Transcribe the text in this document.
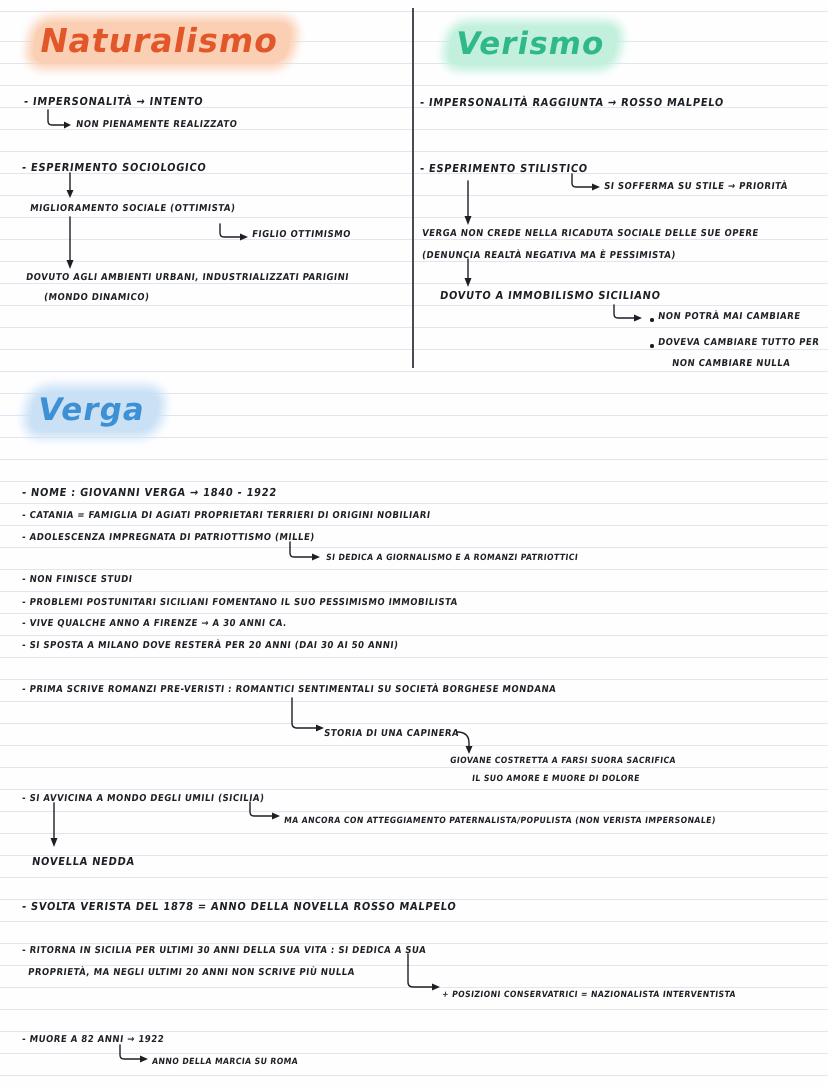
Naturalismo
- IMPERSONALITÀ → INTENTO
NON PIENAMENTE REALIZZATO
- ESPERIMENTO SOCIOLOGICO
MIGLIORAMENTO SOCIALE (OTTIMISTA)
FIGLIO OTTIMISMO
DOVUTO AGLI AMBIENTI URBANI, INDUSTRIALIZZATI PARIGINI
(MONDO DINAMICO)
Verismo
- IMPERSONALITÀ RAGGIUNTA → ROSSO MALPELO
- ESPERIMENTO STILISTICO
SI SOFFERMA SU STILE → PRIORITÀ
VERGA NON CREDE NELLA RICADUTA SOCIALE DELLE SUE OPERE
(DENUNCIA REALTÀ NEGATIVA MA È PESSIMISTA)
DOVUTO A IMMOBILISMO SICILIANO
NON POTRÀ MAI CAMBIARE
DOVEVA CAMBIARE TUTTO PER
NON CAMBIARE NULLA
Verga
- NOME : GIOVANNI VERGA → 1840 - 1922
- CATANIA = FAMIGLIA DI AGIATI PROPRIETARI TERRIERI DI ORIGINI NOBILIARI
- ADOLESCENZA IMPREGNATA DI PATRIOTTISMO (MILLE)
SI DEDICA A GIORNALISMO E A ROMANZI PATRIOTTICI
- NON FINISCE STUDI
- PROBLEMI POSTUNITARI SICILIANI FOMENTANO IL SUO PESSIMISMO IMMOBILISTA
- VIVE QUALCHE ANNO A FIRENZE → A 30 ANNI CA.
- SI SPOSTA A MILANO DOVE RESTERÀ PER 20 ANNI (DAI 30 AI 50 ANNI)
- PRIMA SCRIVE ROMANZI PRE-VERISTI : ROMANTICI SENTIMENTALI SU SOCIETÀ BORGHESE MONDANA
STORIA DI UNA CAPINERA
GIOVANE COSTRETTA A FARSI SUORA SACRIFICA
IL SUO AMORE E MUORE DI DOLORE
- SI AVVICINA A MONDO DEGLI UMILI (SICILIA)
MA ANCORA CON ATTEGGIAMENTO PATERNALISTA/POPULISTA (NON VERISTA IMPERSONALE)
NOVELLA NEDDA
- SVOLTA VERISTA DEL 1878 = ANNO DELLA NOVELLA ROSSO MALPELO
- RITORNA IN SICILIA PER ULTIMI 30 ANNI DELLA SUA VITA : SI DEDICA A SUA
PROPRIETÀ, MA NEGLI ULTIMI 20 ANNI NON SCRIVE PIÙ NULLA
+ POSIZIONI CONSERVATRICI = NAZIONALISTA INTERVENTISTA
- MUORE A 82 ANNI → 1922
ANNO DELLA MARCIA SU ROMA
